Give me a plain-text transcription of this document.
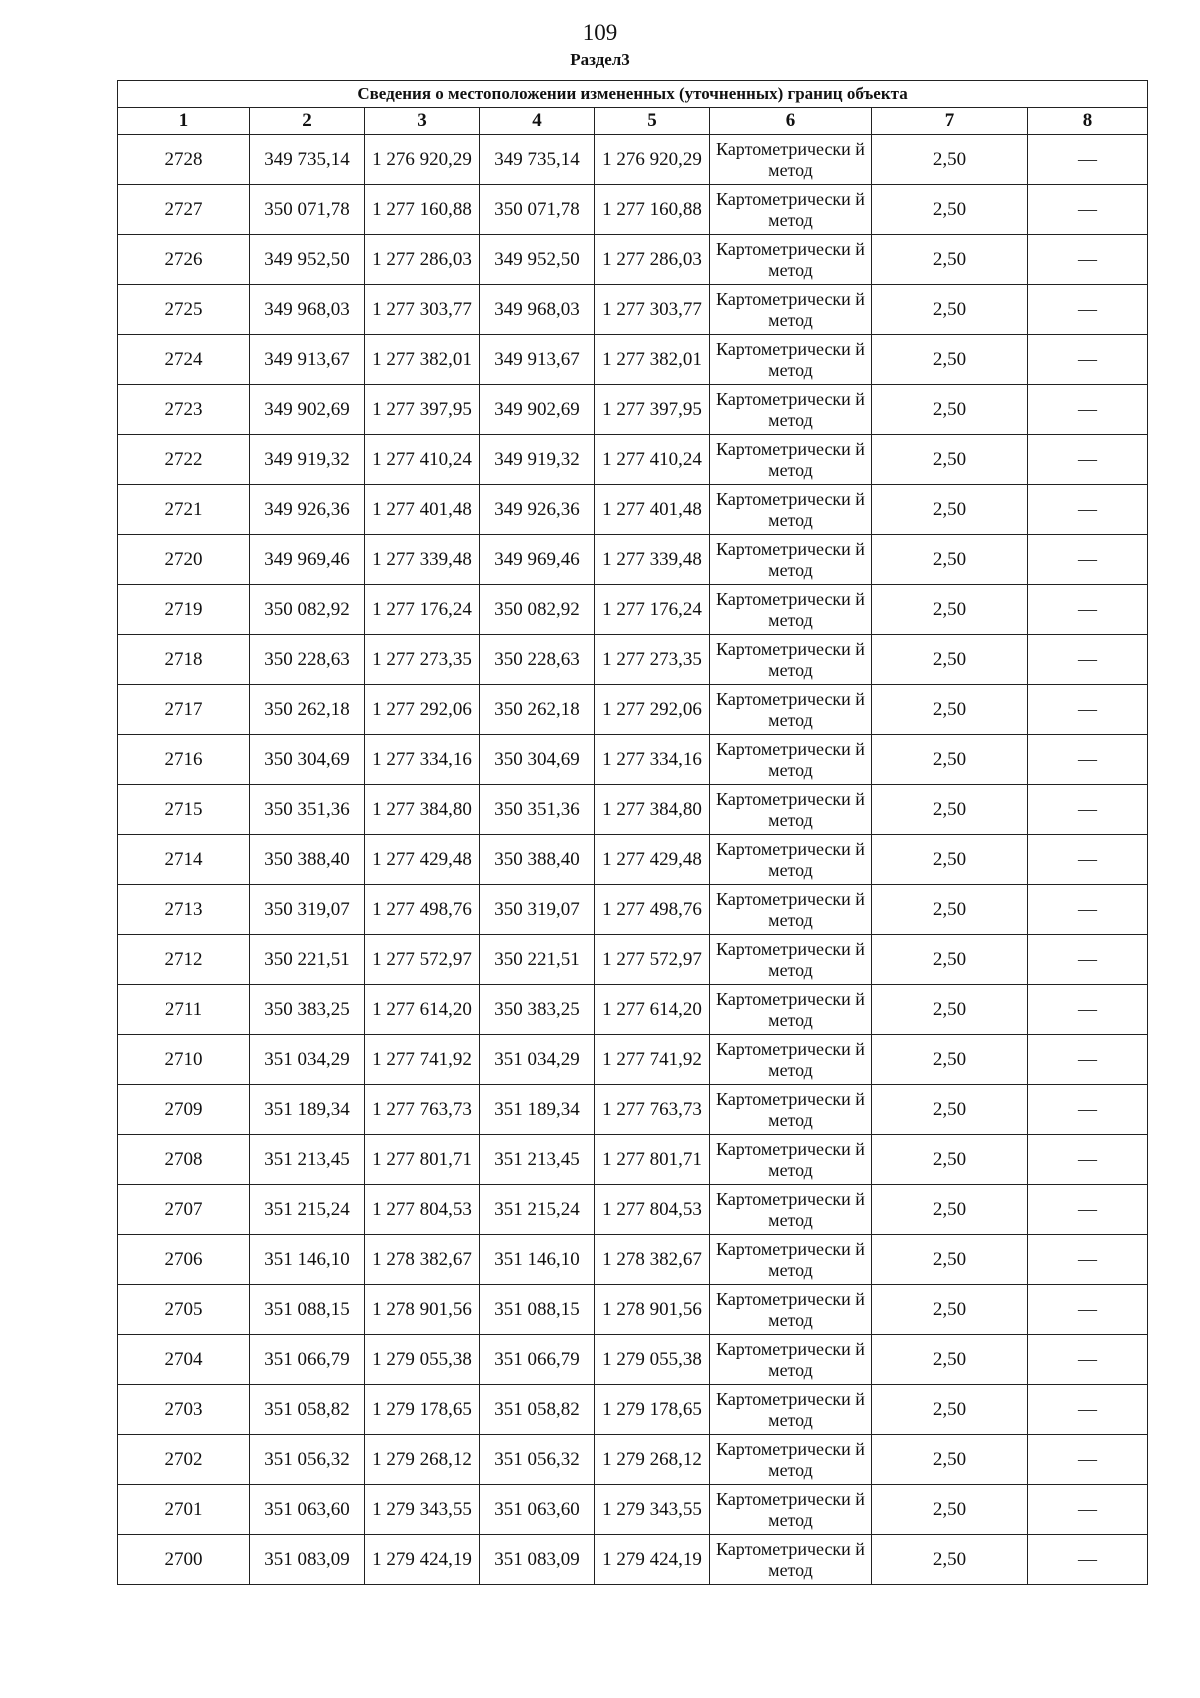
109
Раздел3
Сведения о местоположении измененных (уточненных) границ объекта							
1	2	3	4	5	6	7	8
2728	349 735,14	1 276 920,29	349 735,14	1 276 920,29	Картометрически й метод	2,50	—
2727	350 071,78	1 277 160,88	350 071,78	1 277 160,88	Картометрически й метод	2,50	—
2726	349 952,50	1 277 286,03	349 952,50	1 277 286,03	Картометрически й метод	2,50	—
2725	349 968,03	1 277 303,77	349 968,03	1 277 303,77	Картометрически й метод	2,50	—
2724	349 913,67	1 277 382,01	349 913,67	1 277 382,01	Картометрически й метод	2,50	—
2723	349 902,69	1 277 397,95	349 902,69	1 277 397,95	Картометрически й метод	2,50	—
2722	349 919,32	1 277 410,24	349 919,32	1 277 410,24	Картометрически й метод	2,50	—
2721	349 926,36	1 277 401,48	349 926,36	1 277 401,48	Картометрически й метод	2,50	—
2720	349 969,46	1 277 339,48	349 969,46	1 277 339,48	Картометрически й метод	2,50	—
2719	350 082,92	1 277 176,24	350 082,92	1 277 176,24	Картометрически й метод	2,50	—
2718	350 228,63	1 277 273,35	350 228,63	1 277 273,35	Картометрически й метод	2,50	—
2717	350 262,18	1 277 292,06	350 262,18	1 277 292,06	Картометрически й метод	2,50	—
2716	350 304,69	1 277 334,16	350 304,69	1 277 334,16	Картометрически й метод	2,50	—
2715	350 351,36	1 277 384,80	350 351,36	1 277 384,80	Картометрически й метод	2,50	—
2714	350 388,40	1 277 429,48	350 388,40	1 277 429,48	Картометрически й метод	2,50	—
2713	350 319,07	1 277 498,76	350 319,07	1 277 498,76	Картометрически й метод	2,50	—
2712	350 221,51	1 277 572,97	350 221,51	1 277 572,97	Картометрически й метод	2,50	—
2711	350 383,25	1 277 614,20	350 383,25	1 277 614,20	Картометрически й метод	2,50	—
2710	351 034,29	1 277 741,92	351 034,29	1 277 741,92	Картометрически й метод	2,50	—
2709	351 189,34	1 277 763,73	351 189,34	1 277 763,73	Картометрически й метод	2,50	—
2708	351 213,45	1 277 801,71	351 213,45	1 277 801,71	Картометрически й метод	2,50	—
2707	351 215,24	1 277 804,53	351 215,24	1 277 804,53	Картометрически й метод	2,50	—
2706	351 146,10	1 278 382,67	351 146,10	1 278 382,67	Картометрически й метод	2,50	—
2705	351 088,15	1 278 901,56	351 088,15	1 278 901,56	Картометрически й метод	2,50	—
2704	351 066,79	1 279 055,38	351 066,79	1 279 055,38	Картометрически й метод	2,50	—
2703	351 058,82	1 279 178,65	351 058,82	1 279 178,65	Картометрически й метод	2,50	—
2702	351 056,32	1 279 268,12	351 056,32	1 279 268,12	Картометрически й метод	2,50	—
2701	351 063,60	1 279 343,55	351 063,60	1 279 343,55	Картометрически й метод	2,50	—
2700	351 083,09	1 279 424,19	351 083,09	1 279 424,19	Картометрически й метод	2,50	—
